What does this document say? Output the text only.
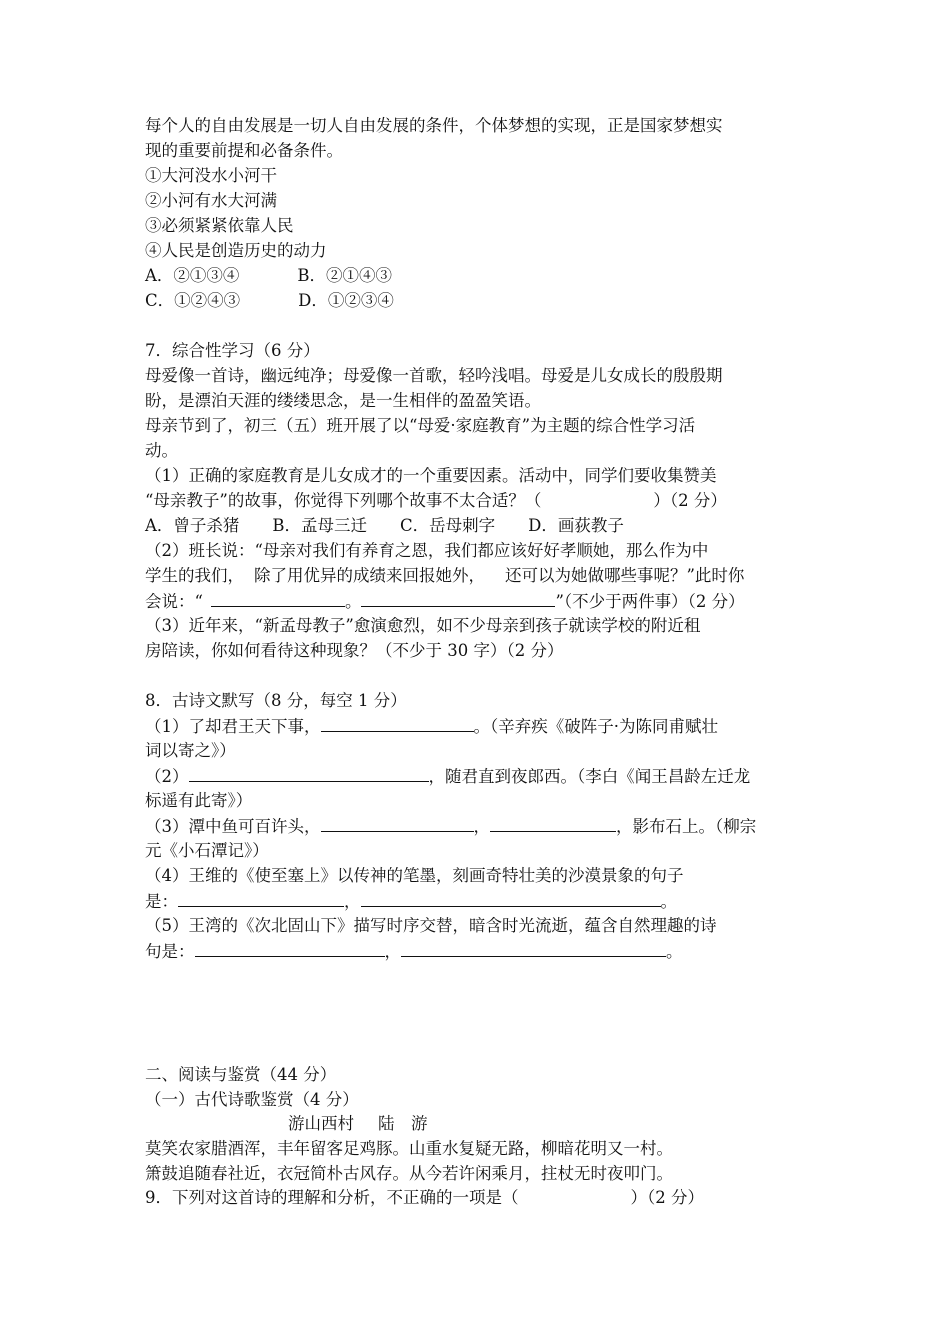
每个人的自由发展是一切人自由发展的条件，个体梦想的实现，正是国家梦想实
现的重要前提和必备条件。
①大河没水小河干
②小河有水大河满
③必须紧紧依靠人民
④人民是创造历史的动力
A．②①③④	B．②①④③
C．①②④③	D．①②③④
7．综合性学习（6 分）
母爱像一首诗，幽远纯净；母爱像一首歌，轻吟浅唱。母爱是儿女成长的殷殷期
盼，是漂泊天涯的缕缕思念，是一生相伴的盈盈笑语。
母亲节到了，初三（五）班开展了以“母爱·家庭教育”为主题的综合性学习活
动。
（1）正确的家庭教育是儿女成才的一个重要因素。活动中，同学们要收集赞美
“母亲教子”的故事，你觉得下列哪个故事不太合适？（	）（2 分）
A．曾子杀猪　　B．孟母三迁　　C．岳母刺字　　D．画荻教子
（2）班长说：“母亲对我们有养育之恩，我们都应该好好孝顺她，那么作为中
学生的我们， 除了用优异的成绩来回报她外， 还可以为她做哪些事呢？”此时你
会说：“	。	”（不少于两件事）（2 分）
（3）近年来，“新孟母教子”愈演愈烈，如不少母亲到孩子就读学校的附近租
房陪读，你如何看待这种现象？（不少于 30 字）（2 分）
8．古诗文默写（8 分，每空 1 分）
（1）了却君王天下事，	。（辛弃疾《破阵子·为陈同甫赋壮
词以寄之》）
（2）	，随君直到夜郎西。（李白《闻王昌龄左迁龙
标遥有此寄》）
（3）潭中鱼可百许头，	，	，影布石上。（柳宗
元《小石潭记》）
（4）王维的《使至塞上》以传神的笔墨，刻画奇特壮美的沙漠景象的句子
是：	，	。
（5）王湾的《次北固山下》描写时序交替，暗含时光流逝，蕴含自然理趣的诗
句是：	，	。
二、阅读与鉴赏（44 分）
（一）古代诗歌鉴赏（4 分）
游山西村 陆　游
莫笑农家腊酒浑，丰年留客足鸡豚。山重水复疑无路，柳暗花明又一村。
箫鼓追随春社近，衣冠简朴古风存。从今若许闲乘月，拄杖无时夜叩门。
9．下列对这首诗的理解和分析，不正确的一项是（	）（2 分）
